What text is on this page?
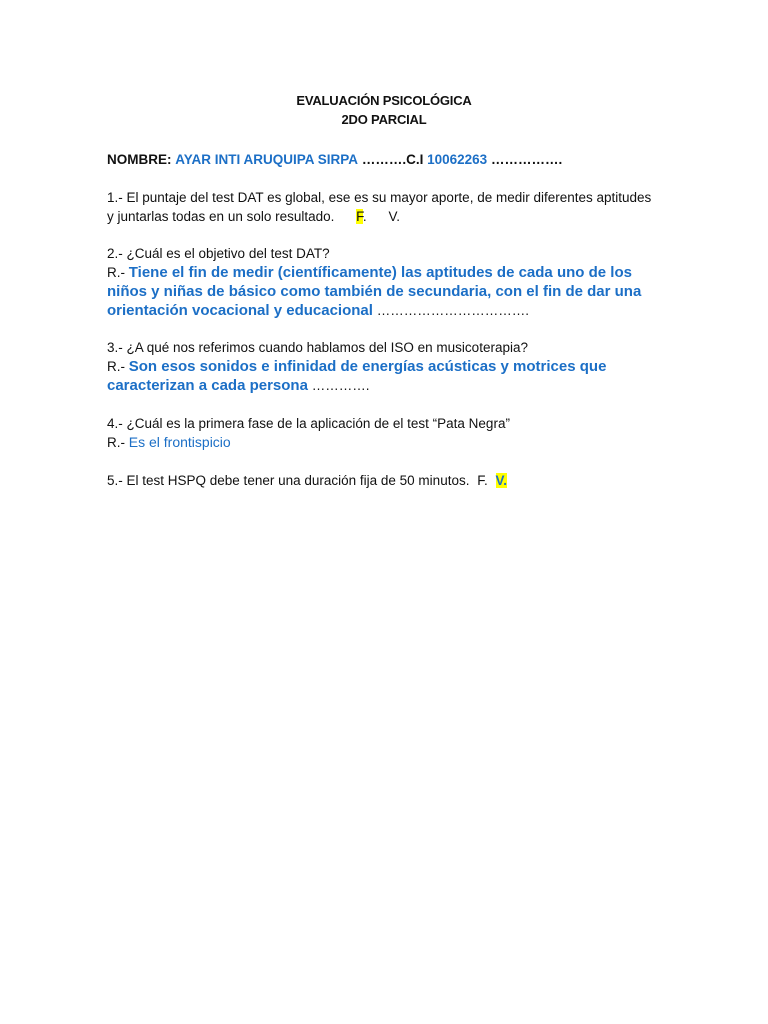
EVALUACIÓN PSICOLÓGICA
2DO PARCIAL
NOMBRE: AYAR INTI ARUQUIPA SIRPA ……….C.I 10062263 …………….
1.- El puntaje del test DAT es global, ese es su mayor aporte, de medir diferentes aptitudes
y juntarlas todas en un solo resultado. F. V.
2.- ¿Cuál es el objetivo del test DAT?
R.- Tiene el fin de medir (científicamente) las aptitudes de cada uno de los
niños y niñas de básico como también de secundaria, con el fin de dar una
orientación vocacional y educacional …………………………….
3.- ¿A qué nos referimos cuando hablamos del ISO en musicoterapia?
R.- Son esos sonidos e infinidad de energías acústicas y motrices que
caracterizan a cada persona ………….
4.- ¿Cuál es la primera fase de la aplicación de el test “Pata Negra”
R.- Es el frontispicio
5.- El test HSPQ debe tener una duración fija de 50 minutos. F. V.
